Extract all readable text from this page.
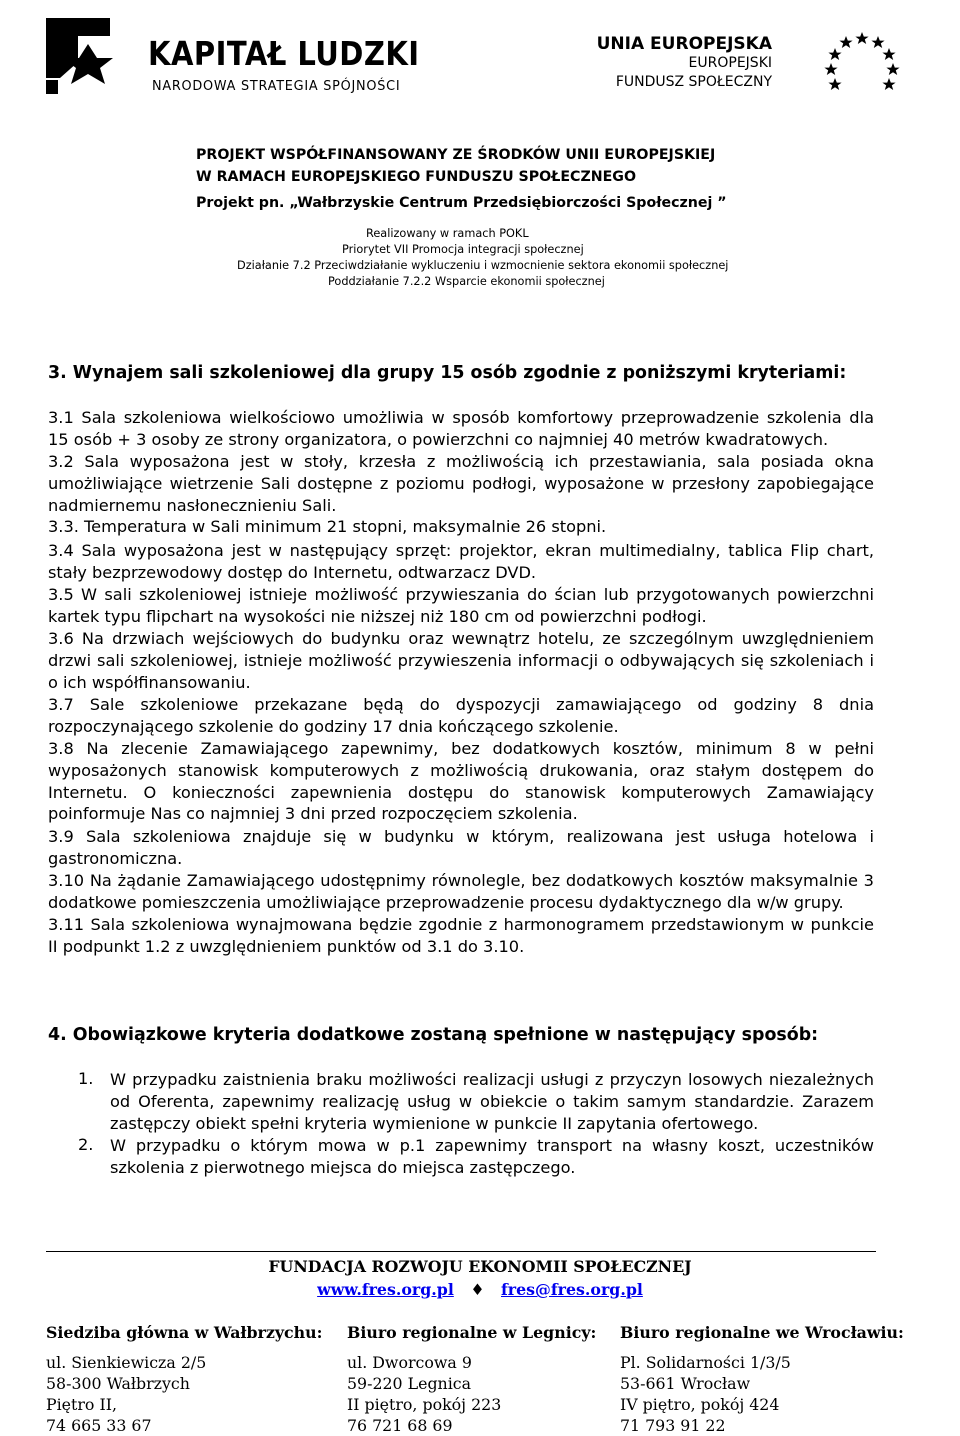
KAPITAŁ LUDZKI
NARODOWA STRATEGIA SPÓJNOŚCI
UNIA EUROPEJSKA
EUROPEJSKI
FUNDUSZ SPOŁECZNY
PROJEKT WSPÓŁFINANSOWANY ZE ŚRODKÓW UNII EUROPEJSKIEJ
W RAMACH EUROPEJSKIEGO FUNDUSZU SPOŁECZNEGO
Projekt pn. „Wałbrzyskie Centrum Przedsiębiorczości Społecznej ”
Realizowany w ramach POKL
Priorytet VII Promocja integracji społecznej
Działanie 7.2 Przeciwdziałanie wykluczeniu i wzmocnienie sektora ekonomii społecznej
Poddziałanie 7.2.2 Wsparcie ekonomii społecznej
3. Wynajem sali szkoleniowej dla grupy 15 osób zgodnie z poniższymi kryteriami:
3.1 Sala szkoleniowa wielkościowo umożliwia w sposób komfortowy przeprowadzenie szkolenia dla 15 osób + 3 osoby ze strony organizatora, o powierzchni co najmniej 40 metrów kwadratowych.
3.2 Sala wyposażona jest w stoły, krzesła z możliwością ich przestawiania, sala posiada okna umożliwiające wietrzenie Sali dostępne z poziomu podłogi, wyposażone w przesłony zapobiegające nadmiernemu nasłonecznieniu Sali.
3.3. Temperatura w Sali minimum 21 stopni, maksymalnie 26 stopni.
3.4 Sala wyposażona jest w następujący sprzęt: projektor, ekran multimedialny, tablica Flip chart, stały bezprzewodowy dostęp do Internetu, odtwarzacz DVD.
3.5 W sali szkoleniowej istnieje możliwość przywieszania do ścian lub przygotowanych powierzchni kartek typu flipchart na wysokości nie niższej niż 180 cm od powierzchni podłogi.
3.6 Na drzwiach wejściowych do budynku oraz wewnątrz hotelu, ze szczególnym uwzględnieniem drzwi sali szkoleniowej, istnieje możliwość przywieszenia informacji o odbywających się szkoleniach i o ich współfinansowaniu.
3.7 Sale szkoleniowe przekazane będą do dyspozycji zamawiającego od godziny 8 dnia rozpoczynającego szkolenie do godziny 17 dnia kończącego szkolenie.
3.8 Na zlecenie Zamawiającego zapewnimy, bez dodatkowych kosztów, minimum 8 w pełni wyposażonych stanowisk komputerowych z możliwością drukowania, oraz stałym dostępem do Internetu. O konieczności zapewnienia dostępu do stanowisk komputerowych Zamawiający poinformuje Nas co najmniej 3 dni przed rozpoczęciem szkolenia.
3.9 Sala szkoleniowa znajduje się w budynku w którym, realizowana jest usługa hotelowa i gastronomiczna.
3.10 Na żądanie Zamawiającego udostępnimy równolegle, bez dodatkowych kosztów maksymalnie 3 dodatkowe pomieszczenia umożliwiające przeprowadzenie procesu dydaktycznego dla w/w grupy.
3.11 Sala szkoleniowa wynajmowana będzie zgodnie z harmonogramem przedstawionym w punkcie II podpunkt 1.2 z uwzględnieniem punktów od 3.1 do 3.10.
4. Obowiązkowe kryteria dodatkowe zostaną spełnione w następujący sposób:
1. W przypadku zaistnienia braku możliwości realizacji usługi z przyczyn losowych niezależnych od Oferenta, zapewnimy realizację usług w obiekcie o takim samym standardzie. Zarazem zastępczy obiekt spełni kryteria wymienione w punkcie II zapytania ofertowego.
2. W przypadku o którym mowa w p.1 zapewnimy transport na własny koszt, uczestników szkolenia z pierwotnego miejsca do miejsca zastępczego.
FUNDACJA ROZWOJU EKONOMII SPOŁECZNEJ
www.fres.org.pl ♦ fres@fres.org.pl
Siedziba główna w Wałbrzychu:
ul. Sienkiewicza 2/5
58-300 Wałbrzych
Piętro II,
74 665 33 67
Biuro regionalne w Legnicy:
ul. Dworcowa 9
59-220 Legnica
II piętro, pokój 223
76 721 68 69
Biuro regionalne we Wrocławiu:
Pl. Solidarności 1/3/5
53-661 Wrocław
IV piętro, pokój 424
71 793 91 22
